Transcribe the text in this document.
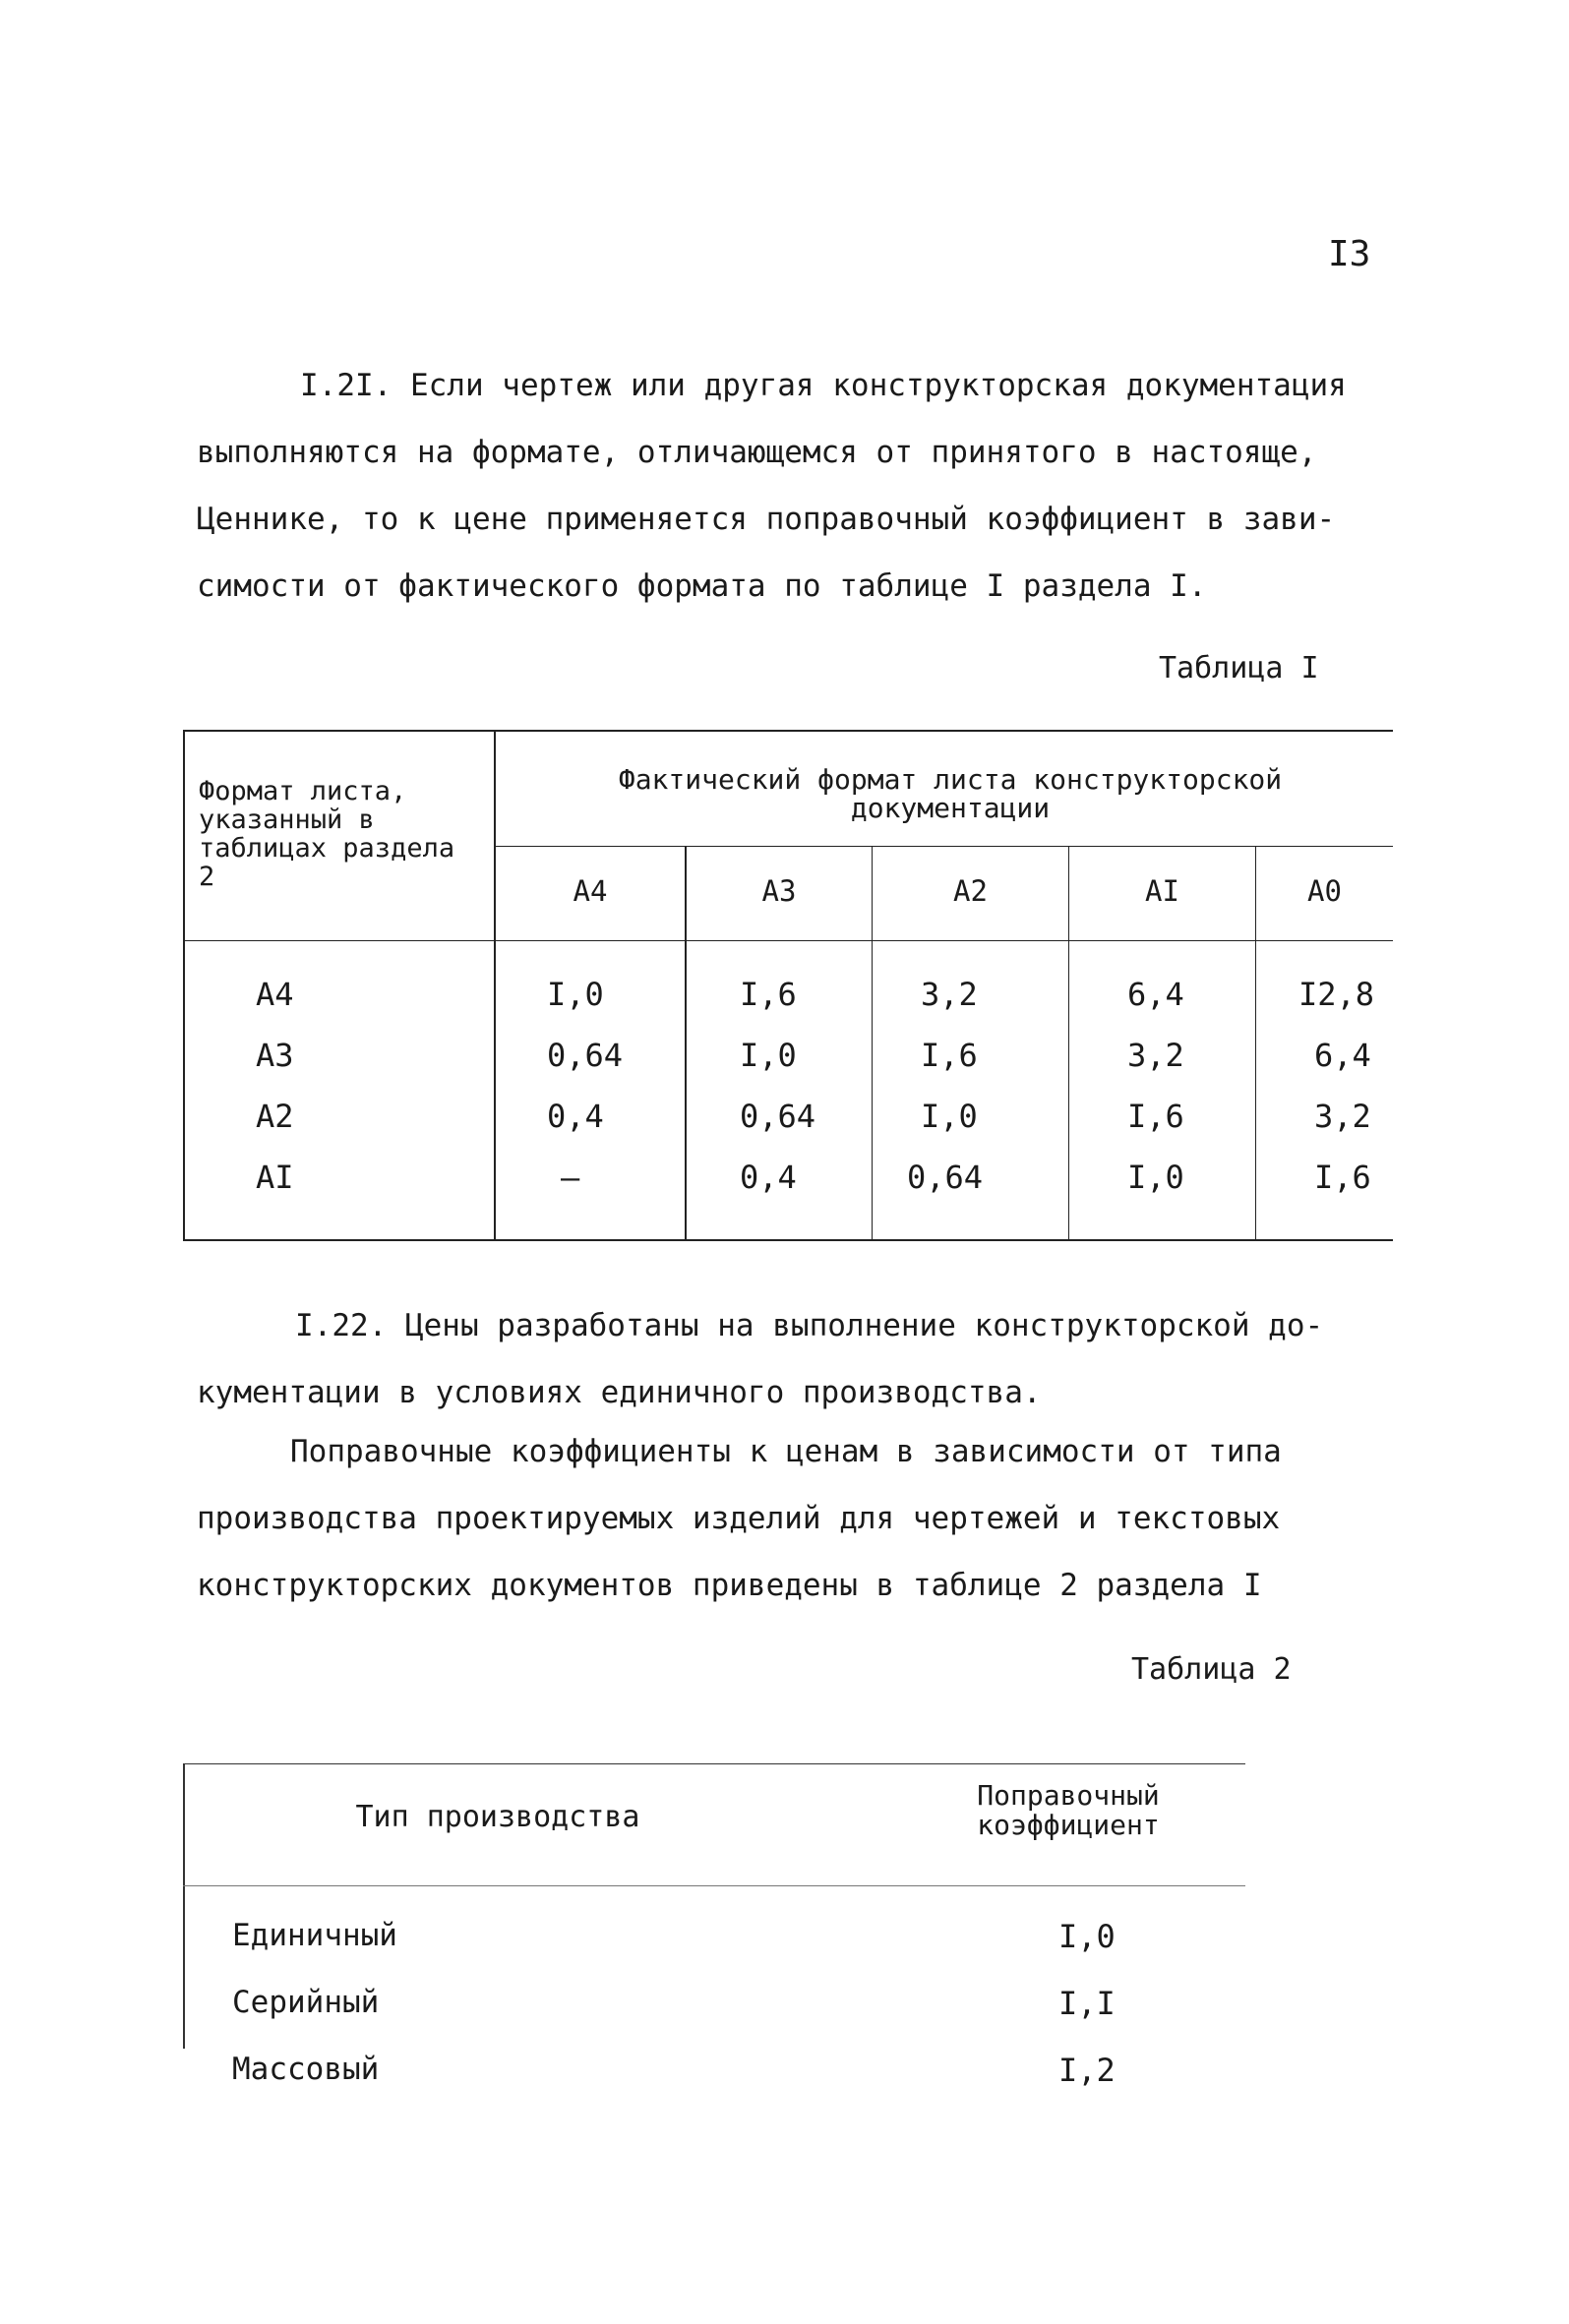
I3
I.2I. Если чертеж или другая конструкторская документация
выполняются на формате, отличающемся от принятого в настояще,
Ценнике, то к цене применяется поправочный коэффициент в зави-
симости от фактического формата по таблице I раздела I.
Таблица I
Формат листа, указанный в таблицах раздела 2
Фактический формат листа конструкторской документации
A4	A3	A2	AI	A0
A4	I,0	I,6	3,2	6,4	I2,8
A3	0,64	I,0	I,6	3,2	6,4
A2	0,4	0,64	I,0	I,6	3,2
AI	–	0,4	0,64	I,0	I,6
I.22. Цены разработаны на выполнение конструкторской до-
кументации в условиях единичного производства.
Поправочные коэффициенты к ценам в зависимости от типа
производства проектируемых изделий для чертежей и текстовых
конструкторских документов приведены в таблице 2 раздела I
Таблица 2
Тип производства
Поправочный
коэффициент
Единичный	I,0
Серийный	I,I
Массовый	I,2
